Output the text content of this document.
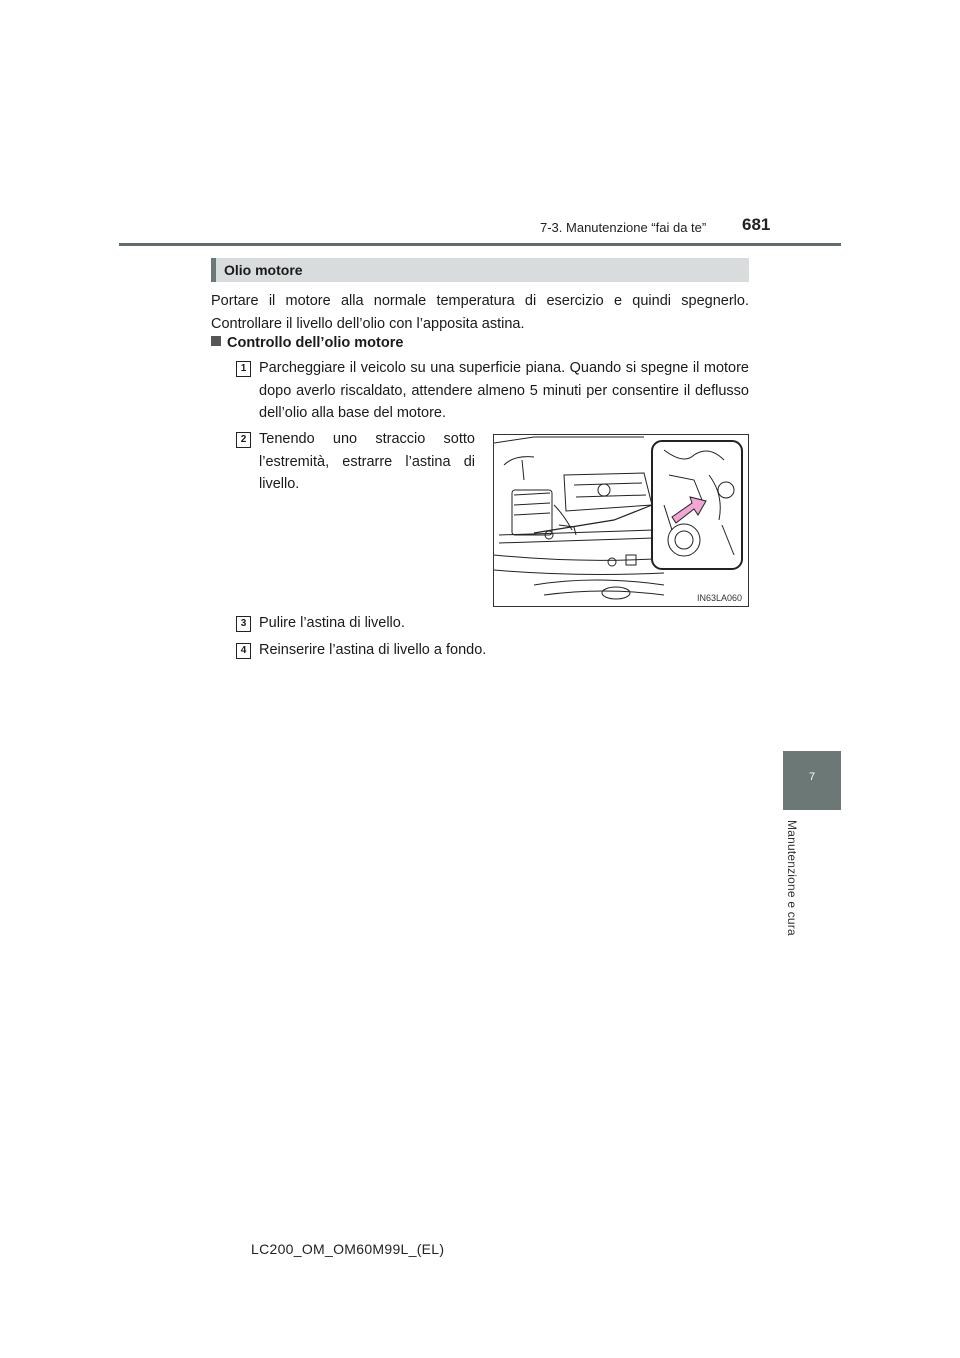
7-3. Manutenzione “fai da te” 681
Olio motore
Portare il motore alla normale temperatura di esercizio e quindi spegnerlo. Controllare il livello dell’olio con l’apposita astina.
Controllo dell’olio motore
1 Parcheggiare il veicolo su una superficie piana. Quando si spegne il motore dopo averlo riscaldato, attendere almeno 5 minuti per consentire il deflusso dell’olio alla base del motore.
2 Tenendo uno straccio sotto l’estremità, estrarre l’astina di livello.
IN63LA060
3 Pulire l’astina di livello.
4 Reinserire l’astina di livello a fondo.
7
Manutenzione e cura
LC200_OM_OM60M99L_(EL)
